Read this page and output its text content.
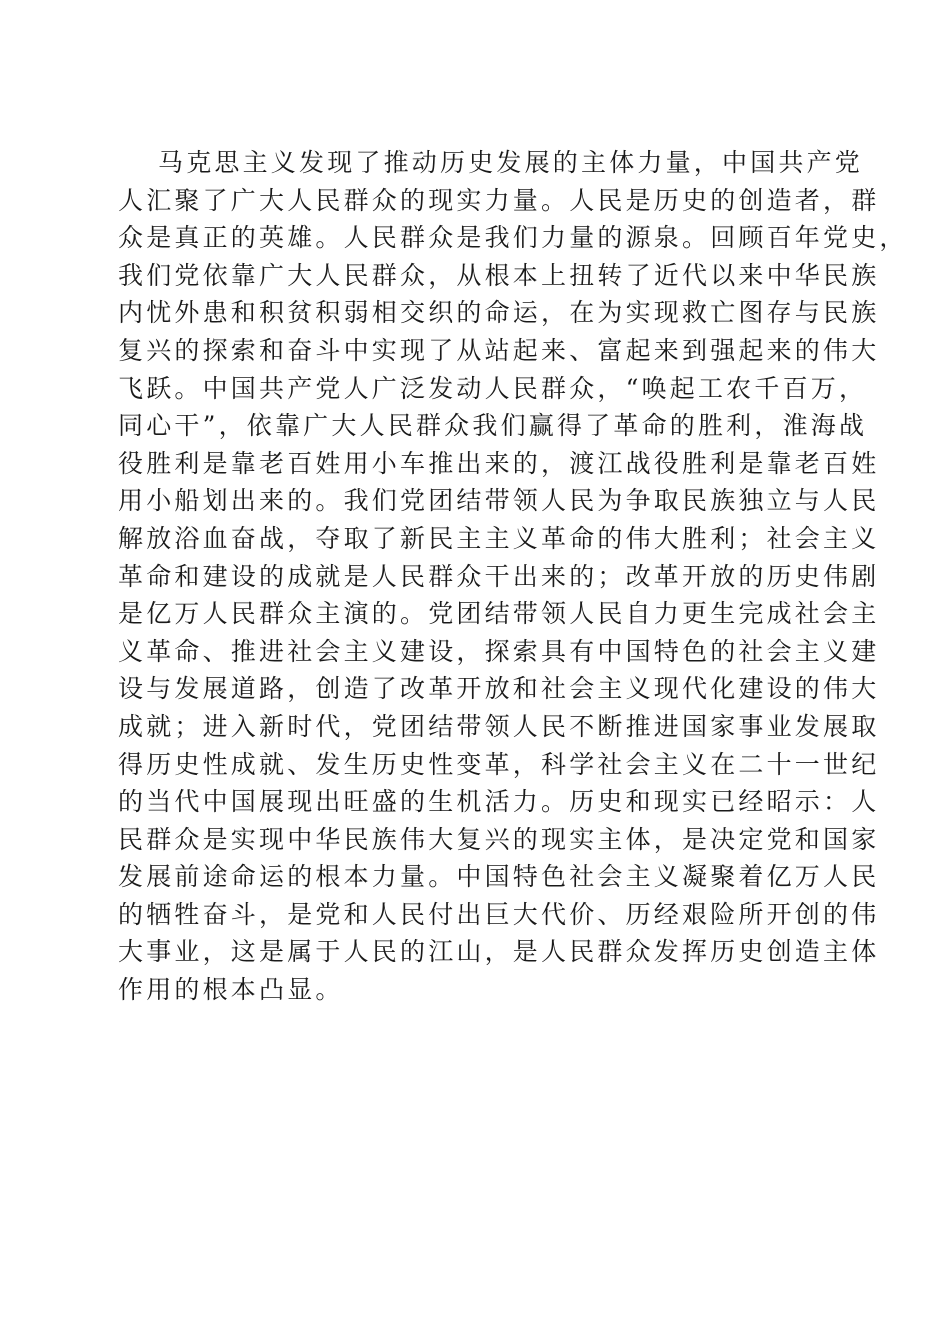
马克思主义发现了推动历史发展的主体力量，中国共产党
人汇聚了广大人民群众的现实力量。人民是历史的创造者，群
众是真正的英雄。人民群众是我们力量的源泉。回顾百年党史，
我们党依靠广大人民群众，从根本上扭转了近代以来中华民族
内忧外患和积贫积弱相交织的命运，在为实现救亡图存与民族
复兴的探索和奋斗中实现了从站起来、富起来到强起来的伟大
飞跃。中国共产党人广泛发动人民群众，“唤起工农千百万，
同心干”，依靠广大人民群众我们赢得了革命的胜利，淮海战
役胜利是靠老百姓用小车推出来的，渡江战役胜利是靠老百姓
用小船划出来的。我们党团结带领人民为争取民族独立与人民
解放浴血奋战，夺取了新民主主义革命的伟大胜利；社会主义
革命和建设的成就是人民群众干出来的；改革开放的历史伟剧
是亿万人民群众主演的。党团结带领人民自力更生完成社会主
义革命、推进社会主义建设，探索具有中国特色的社会主义建
设与发展道路，创造了改革开放和社会主义现代化建设的伟大
成就；进入新时代，党团结带领人民不断推进国家事业发展取
得历史性成就、发生历史性变革，科学社会主义在二十一世纪
的当代中国展现出旺盛的生机活力。历史和现实已经昭示：人
民群众是实现中华民族伟大复兴的现实主体，是决定党和国家
发展前途命运的根本力量。中国特色社会主义凝聚着亿万人民
的牺牲奋斗，是党和人民付出巨大代价、历经艰险所开创的伟
大事业，这是属于人民的江山，是人民群众发挥历史创造主体
作用的根本凸显。
